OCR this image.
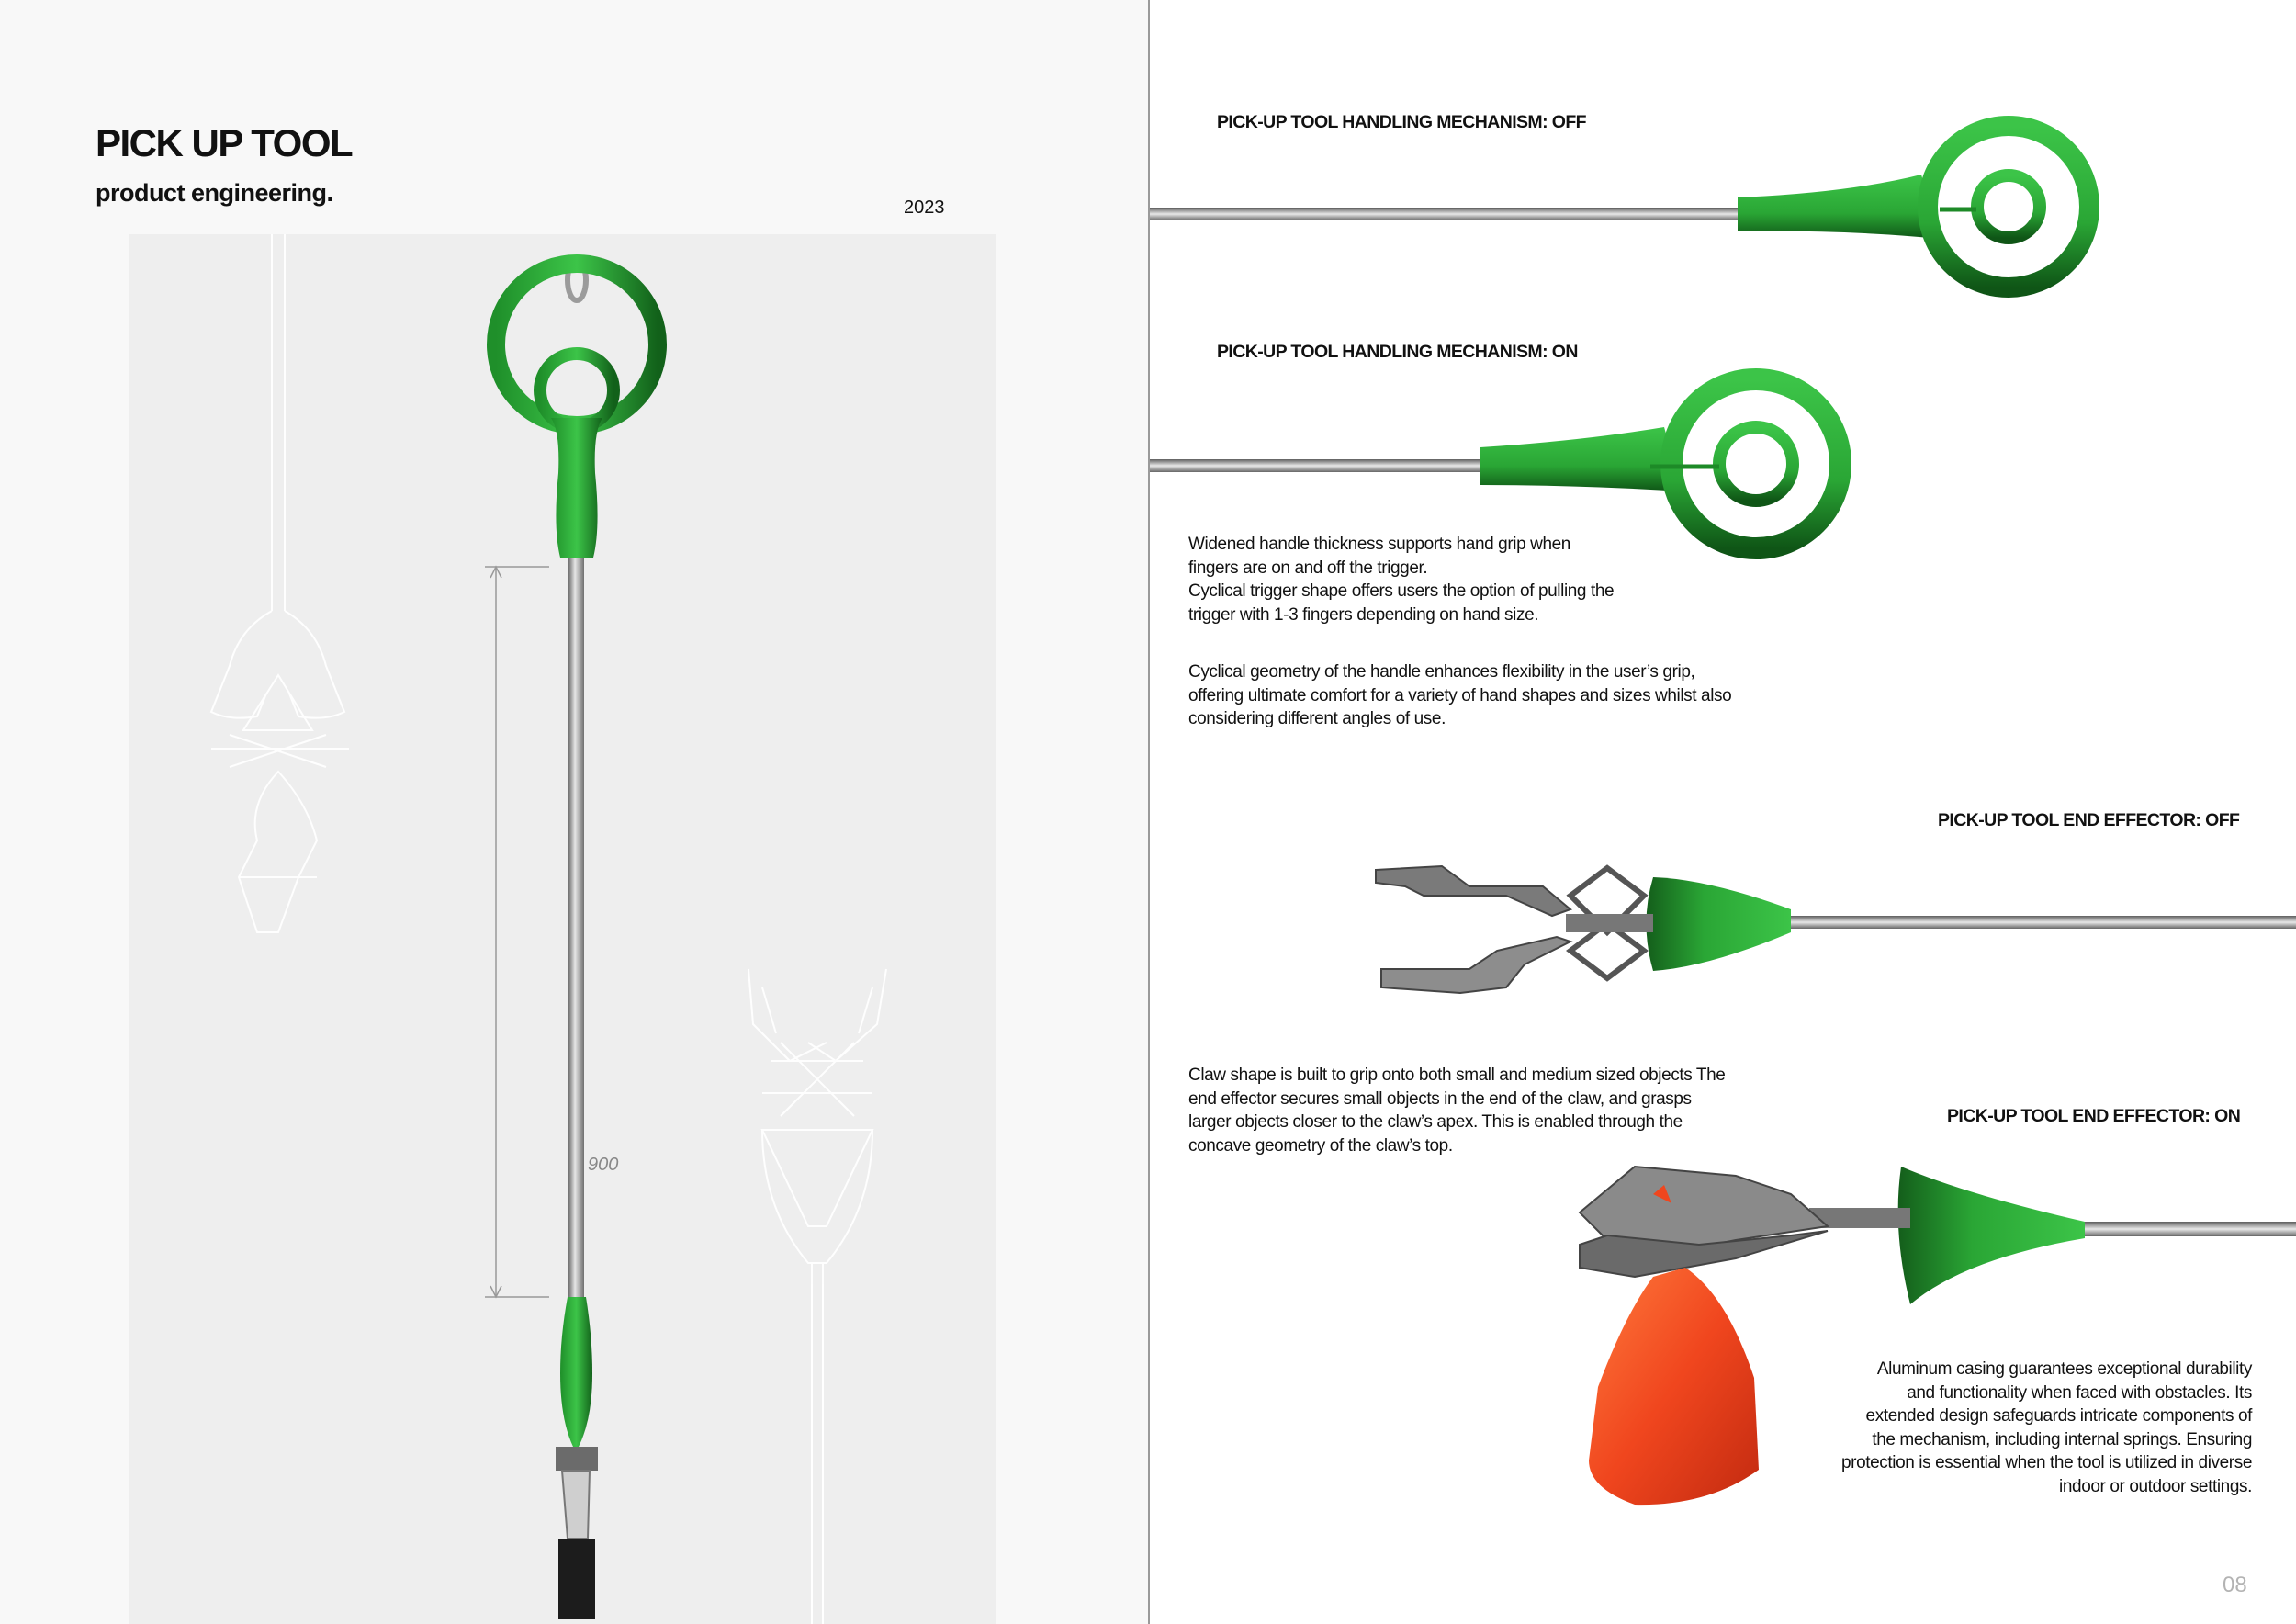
PICK UP TOOL
product engineering.
2023
900
PICK-UP TOOL HANDLING MECHANISM: OFF
PICK-UP TOOL HANDLING MECHANISM: ON
PICK-UP TOOL END EFFECTOR: OFF
PICK-UP TOOL END EFFECTOR: ON
Widened handle thickness supports hand grip when
fingers are on and off the trigger.
Cyclical trigger shape offers users the option of pulling the
trigger with 1-3 fingers depending on hand size.
Cyclical geometry of the handle enhances flexibility in the user’s grip,
offering ultimate comfort for a variety of hand shapes and sizes whilst also
considering different angles of use.
Claw shape is built to grip onto both small and medium sized objects The
end effector secures small objects in the end of the claw, and grasps
larger objects closer to the claw’s apex. This is enabled through the
concave geometry of the claw’s top.
Aluminum casing guarantees exceptional durability
and functionality when faced with obstacles. Its
extended design safeguards intricate components of
the mechanism, including internal springs. Ensuring
protection is essential when the tool is utilized in diverse
indoor or outdoor settings.
08
